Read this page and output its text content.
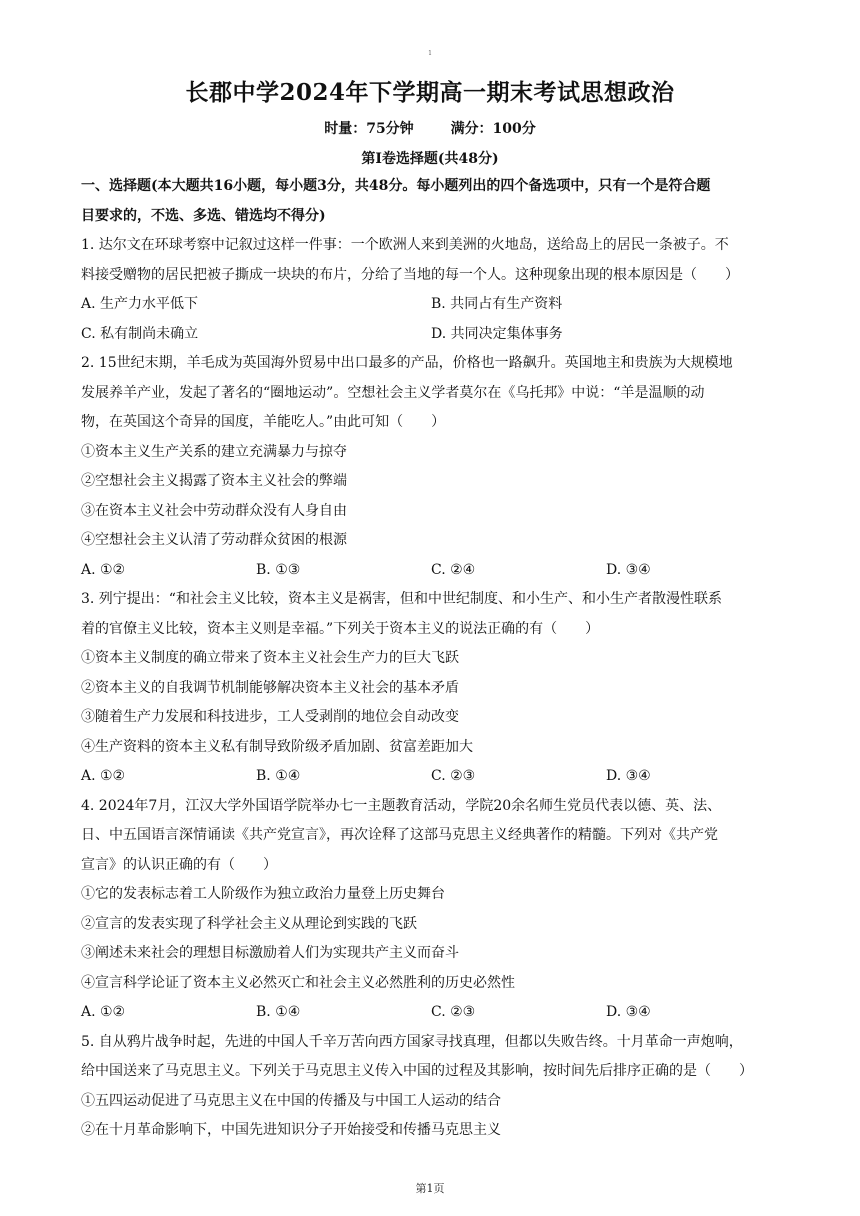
1
长郡中学2024年下学期高一期末考试思想政治
时量：75分钟	满分：100分
第Ⅰ卷选择题(共48分)
一、选择题(本大题共16小题，每小题3分，共48分。每小题列出的四个备选项中，只有一个是符合题
目要求的，不选、多选、错选均不得分)
1. 达尔文在环球考察中记叙过这样一件事：一个欧洲人来到美洲的火地岛，送给岛上的居民一条被子。不
料接受赠物的居民把被子撕成一块块的布片，分给了当地的每一个人。这种现象出现的根本原因是（　　）
A. 生产力水平低下	B. 共同占有生产资料
C. 私有制尚未确立	D. 共同决定集体事务
2. 15世纪末期，羊毛成为英国海外贸易中出口最多的产品，价格也一路飙升。英国地主和贵族为大规模地
发展养羊产业，发起了著名的“圈地运动”。空想社会主义学者莫尔在《乌托邦》中说：“羊是温顺的动
物，在英国这个奇异的国度，羊能吃人。”由此可知（　　）
①资本主义生产关系的建立充满暴力与掠夺
②空想社会主义揭露了资本主义社会的弊端
③在资本主义社会中劳动群众没有人身自由
④空想社会主义认清了劳动群众贫困的根源
A. ①②	B. ①③	C. ②④	D. ③④
3. 列宁提出：“和社会主义比较，资本主义是祸害，但和中世纪制度、和小生产、和小生产者散漫性联系
着的官僚主义比较，资本主义则是幸福。”下列关于资本主义的说法正确的有（　　）
①资本主义制度的确立带来了资本主义社会生产力的巨大飞跃
②资本主义的自我调节机制能够解决资本主义社会的基本矛盾
③随着生产力发展和科技进步，工人受剥削的地位会自动改变
④生产资料的资本主义私有制导致阶级矛盾加剧、贫富差距加大
A. ①②	B. ①④	C. ②③	D. ③④
4. 2024年7月，江汉大学外国语学院举办七一主题教育活动，学院20余名师生党员代表以德、英、法、
日、中五国语言深情诵读《共产党宣言》，再次诠释了这部马克思主义经典著作的精髓。下列对《共产党
宣言》的认识正确的有（　　）
①它的发表标志着工人阶级作为独立政治力量登上历史舞台
②宣言的发表实现了科学社会主义从理论到实践的飞跃
③阐述未来社会的理想目标激励着人们为实现共产主义而奋斗
④宣言科学论证了资本主义必然灭亡和社会主义必然胜利的历史必然性
A. ①②	B. ①④	C. ②③	D. ③④
5. 自从鸦片战争时起，先进的中国人千辛万苦向西方国家寻找真理，但都以失败告终。十月革命一声炮响，
给中国送来了马克思主义。下列关于马克思主义传入中国的过程及其影响，按时间先后排序正确的是（　　）
①五四运动促进了马克思主义在中国的传播及与中国工人运动的结合
②在十月革命影响下，中国先进知识分子开始接受和传播马克思主义
第1页
